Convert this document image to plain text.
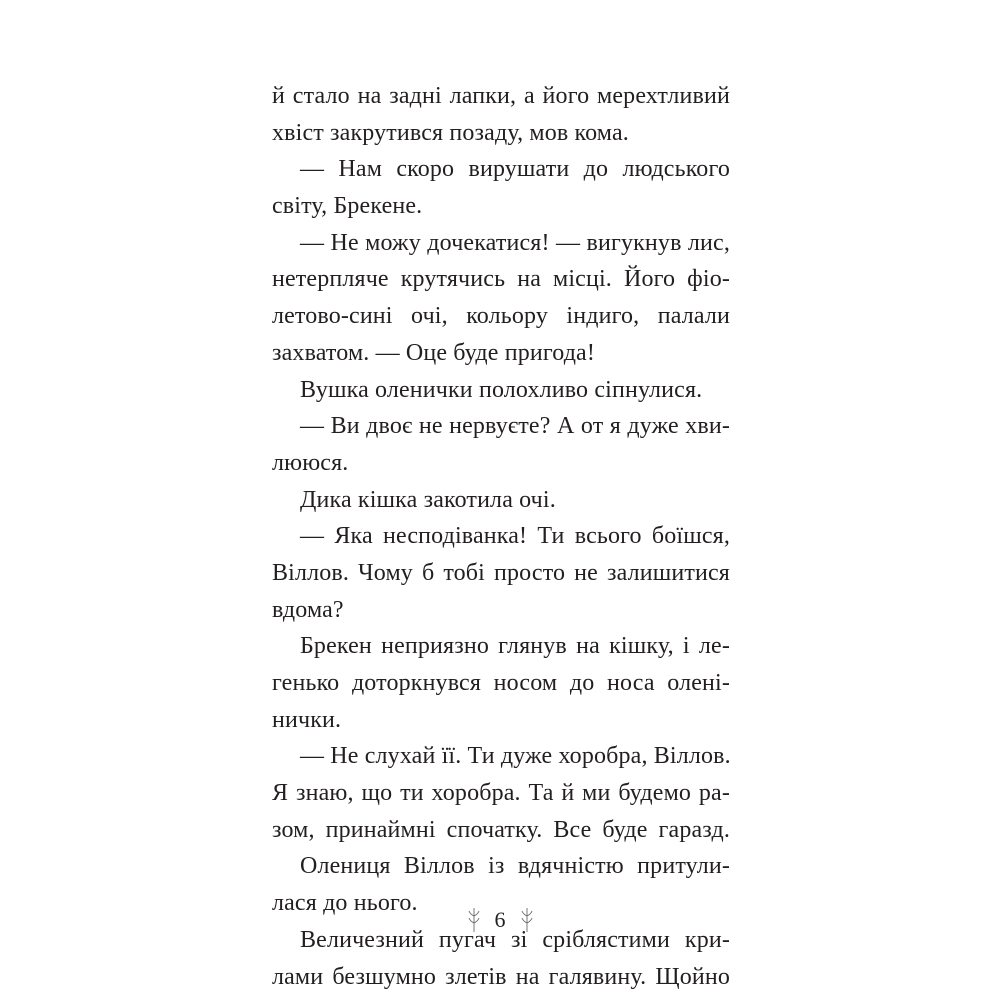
й стало на задні лапки, а його мерехтливий
хвіст закрутився позаду, мов кома.
— Нам скоро вирушати до людського
світу, Брекене.
— Не можу дочекатися! — вигукнув лис,
нетерпляче крутячись на місці. Його фіо-
летово-сині очі, кольору індиго, палали
захватом. — Оце буде пригода!
Вушка оленички полохливо сіпнулися.
— Ви двоє не нервуєте? А от я дуже хви-
лююся.
Дика кішка закотила очі.
— Яка несподіванка! Ти всього боїшся,
Віллов. Чому б тобі просто не залишитися
вдома?
Брекен неприязно глянув на кішку, і ле-
генько доторкнувся носом до носа олені-
нички.
— Не слухай її. Ти дуже хоробра, Віллов.
Я знаю, що ти хоробра. Та й ми будемо ра-
зом, принаймні спочатку. Все буде гаразд.
Олениця Віллов із вдячністю притули-
лася до нього.
Величезний пугач зі сріблястими кри-
лами безшумно злетів на галявину. Щойно
6
